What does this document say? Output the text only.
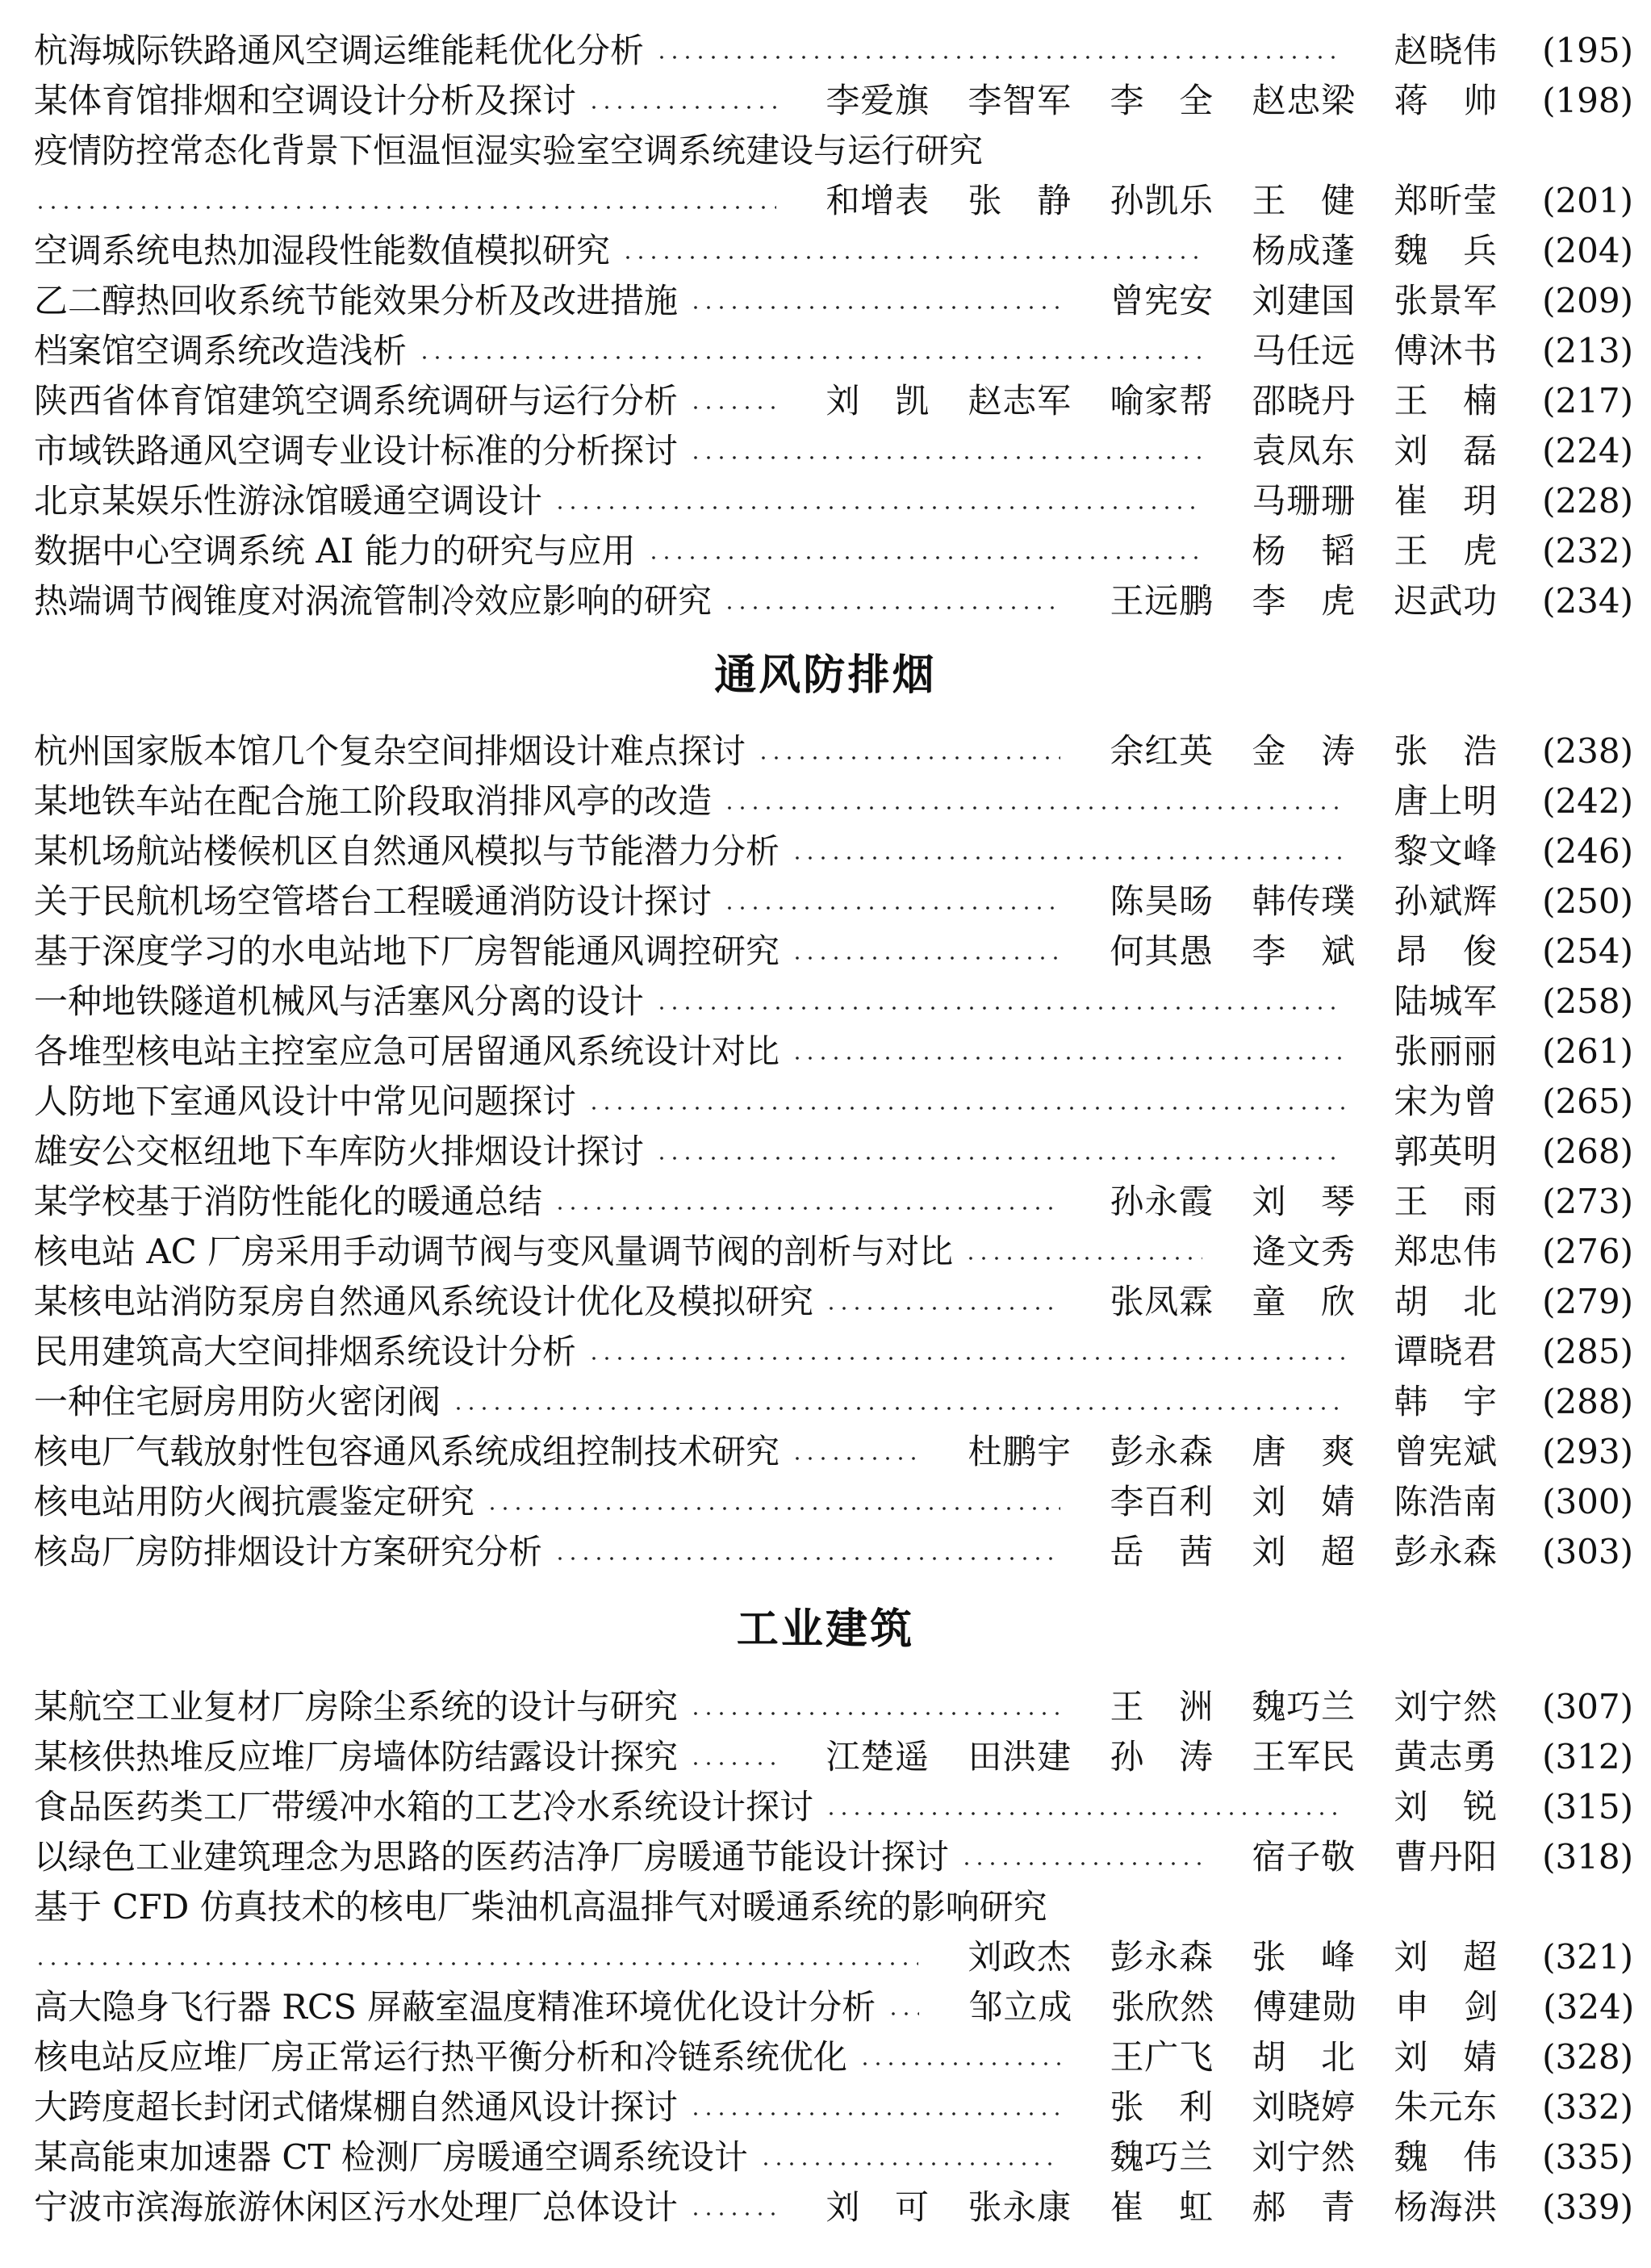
杭海城际铁路通风空调运维能耗优化分析	赵晓伟	(195)
某体育馆排烟和空调设计分析及探讨	李爱旗	李智军	李　全	赵忠梁	蒋　帅	(198)
疫情防控常态化背景下恒温恒湿实验室空调系统建设与运行研究
和增表	张　静	孙凯乐	王　健	郑昕莹	(201)
空调系统电热加湿段性能数值模拟研究	杨成蓬	魏　兵	(204)
乙二醇热回收系统节能效果分析及改进措施	曾宪安	刘建国	张景军	(209)
档案馆空调系统改造浅析	马任远	傅沐书	(213)
陕西省体育馆建筑空调系统调研与运行分析	刘　凯	赵志军	喻家帮	邵晓丹	王　楠	(217)
市域铁路通风空调专业设计标准的分析探讨	袁凤东	刘　磊	(224)
北京某娱乐性游泳馆暖通空调设计	马珊珊	崔　玥	(228)
数据中心空调系统 AI 能力的研究与应用	杨　韬	王　虎	(232)
热端调节阀锥度对涡流管制冷效应影响的研究	王远鹏	李　虎	迟武功	(234)
通风防排烟
杭州国家版本馆几个复杂空间排烟设计难点探讨	余红英	金　涛	张　浩	(238)
某地铁车站在配合施工阶段取消排风亭的改造	唐上明	(242)
某机场航站楼候机区自然通风模拟与节能潜力分析	黎文峰	(246)
关于民航机场空管塔台工程暖通消防设计探讨	陈昊旸	韩传璞	孙斌辉	(250)
基于深度学习的水电站地下厂房智能通风调控研究	何其愚	李　斌	昂　俊	(254)
一种地铁隧道机械风与活塞风分离的设计	陆城军	(258)
各堆型核电站主控室应急可居留通风系统设计对比	张丽丽	(261)
人防地下室通风设计中常见问题探讨	宋为曾	(265)
雄安公交枢纽地下车库防火排烟设计探讨	郭英明	(268)
某学校基于消防性能化的暖通总结	孙永霞	刘　琴	王　雨	(273)
核电站 AC 厂房采用手动调节阀与变风量调节阀的剖析与对比	逄文秀	郑忠伟	(276)
某核电站消防泵房自然通风系统设计优化及模拟研究	张凤霖	童　欣	胡　北	(279)
民用建筑高大空间排烟系统设计分析	谭晓君	(285)
一种住宅厨房用防火密闭阀	韩　宇	(288)
核电厂气载放射性包容通风系统成组控制技术研究	杜鹏宇	彭永森	唐　爽	曾宪斌	(293)
核电站用防火阀抗震鉴定研究	李百利	刘　婧	陈浩南	(300)
核岛厂房防排烟设计方案研究分析	岳　茜	刘　超	彭永森	(303)
工业建筑
某航空工业复材厂房除尘系统的设计与研究	王　洲	魏巧兰	刘宁然	(307)
某核供热堆反应堆厂房墙体防结露设计探究	江楚遥	田洪建	孙　涛	王军民	黄志勇	(312)
食品医药类工厂带缓冲水箱的工艺冷水系统设计探讨	刘　锐	(315)
以绿色工业建筑理念为思路的医药洁净厂房暖通节能设计探讨	宿子敬	曹丹阳	(318)
基于 CFD 仿真技术的核电厂柴油机高温排气对暖通系统的影响研究
刘政杰	彭永森	张　峰	刘　超	(321)
高大隐身飞行器 RCS 屏蔽室温度精准环境优化设计分析	邹立成	张欣然	傅建勋	申　剑	(324)
核电站反应堆厂房正常运行热平衡分析和冷链系统优化	王广飞	胡　北	刘　婧	(328)
大跨度超长封闭式储煤棚自然通风设计探讨	张　利	刘晓婷	朱元东	(332)
某高能束加速器 CT 检测厂房暖通空调系统设计	魏巧兰	刘宁然	魏　伟	(335)
宁波市滨海旅游休闲区污水处理厂总体设计	刘　可	张永康	崔　虹	郝　青	杨海洪	(339)
